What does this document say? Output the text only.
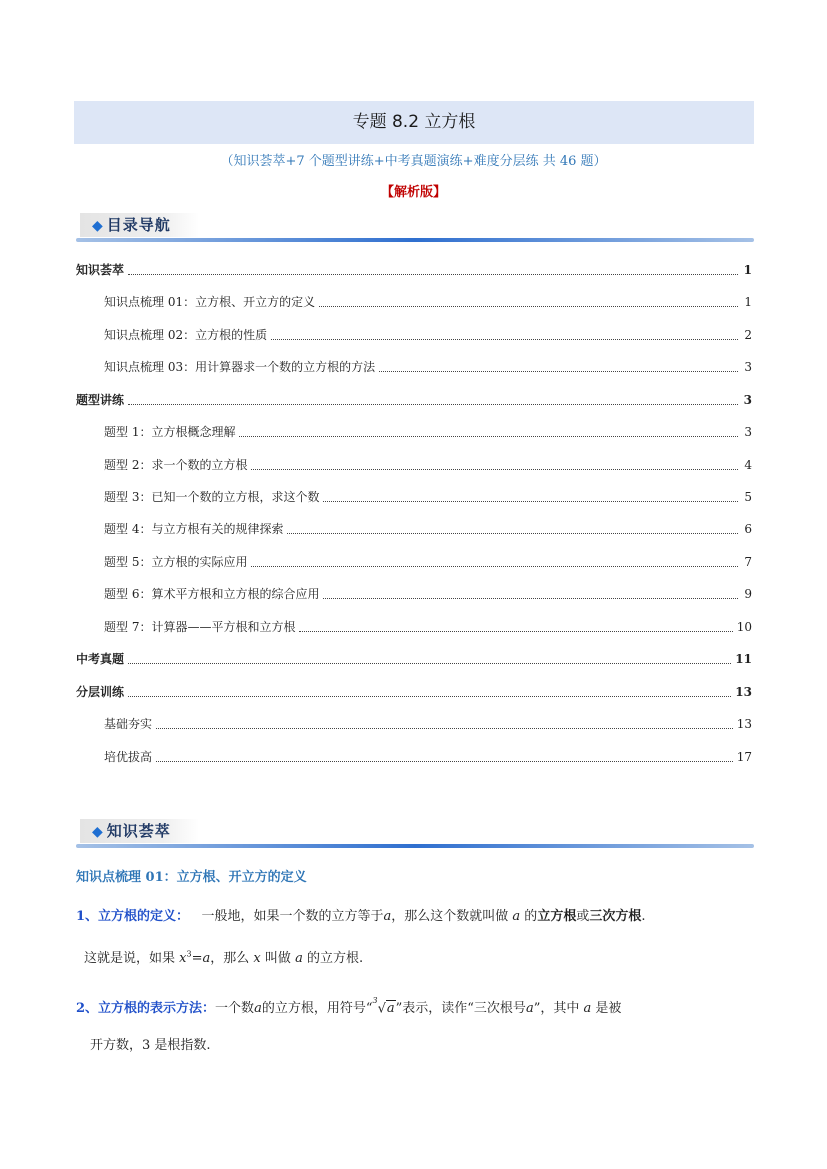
专题 8.2 立方根
（知识荟萃+7 个题型讲练+中考真题演练+难度分层练 共 46 题）
【解析版】
◆ 目录导航
知识荟萃	1
知识点梳理 01：立方根、开立方的定义	1
知识点梳理 02：立方根的性质	2
知识点梳理 03：用计算器求一个数的立方根的方法	3
题型讲练	3
题型 1：立方根概念理解	3
题型 2：求一个数的立方根	4
题型 3：已知一个数的立方根，求这个数	5
题型 4：与立方根有关的规律探索	6
题型 5：立方根的实际应用	7
题型 6：算术平方根和立方根的综合应用	9
题型 7：计算器——平方根和立方根	10
中考真题	11
分层训练	13
基础夯实	13
培优拔高	17
◆ 知识荟萃
知识点梳理 01：立方根、开立方的定义
1、立方根的定义： 一般地，如果一个数的立方等于a，那么这个数就叫做 a 的立方根或三次方根.
这就是说，如果 $x^3=a$，那么 x 叫做 a 的立方根.
2、立方根的表示方法：一个数a的立方根，用符号“$^3$√a”表示，读作“三次根号a”，其中 a 是被
开方数，3 是根指数.
